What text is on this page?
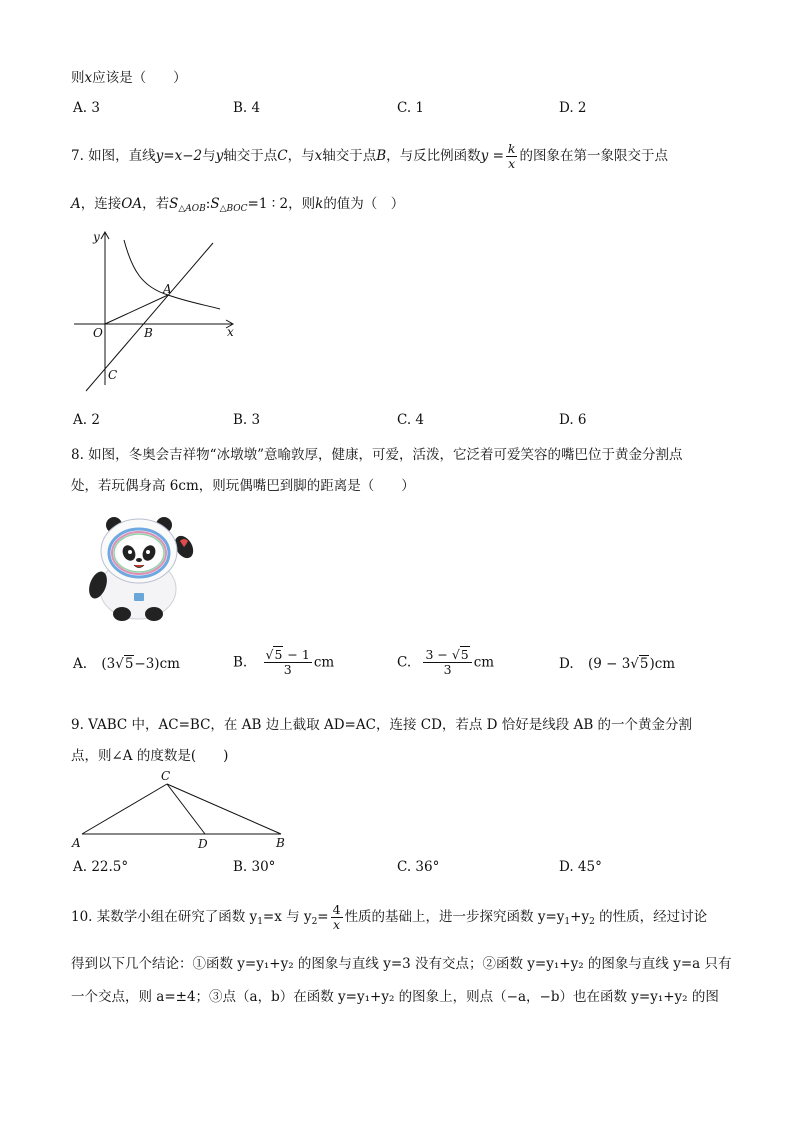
则x应该是（　　）
A. 3	B. 4	C. 1	D. 2
7. 如图，直线y=x−2与y轴交于点C，与x轴交于点B，与反比例函数$y = \frac{k}{x}$ 的图象在第一象限交于点
A，连接OA，若$S_{\triangle AOB}:S_{\triangle BOC}=1$ ∶ 2，则k的值为（　）
y
x
O
A
B
C
A. 2	B. 3	C. 4	D. 6
8. 如图，冬奥会吉祥物“冰墩墩”意喻敦厚，健康，可爱，活泼，它泛着可爱笑容的嘴巴位于黄金分割点
处，若玩偶身高 6cm，则玩偶嘴巴到脚的距离是（　　）
A. (3√5−3)cm	B. $\frac{√5 - 1}{3}$ cm	C. $\frac{3 - √5}{3}$ cm	D. (9 − 3√5)cm
9. VABC 中，AC=BC，在 AB 边上截取 AD=AC，连接 CD，若点 D 恰好是线段 AB 的一个黄金分割
点，则∠A 的度数是(　　)
C
A	D	B
A. 22.5°	B. 30°	C. 36°	D. 45°
10. 某数学小组在研究了函数 $y_1=x$ 与 $y_2= \frac{4}{x}$ 性质的基础上，进一步探究函数 $y=y_1+y_2$ 的性质，经过讨论
得到以下几个结论：①函数 y=y₁+y₂ 的图象与直线 y=3 没有交点；②函数 y=y₁+y₂ 的图象与直线 y=a 只有
一个交点，则 a=±4；③点（a，b）在函数 y=y₁+y₂ 的图象上，则点（−a，−b）也在函数 y=y₁+y₂ 的图
